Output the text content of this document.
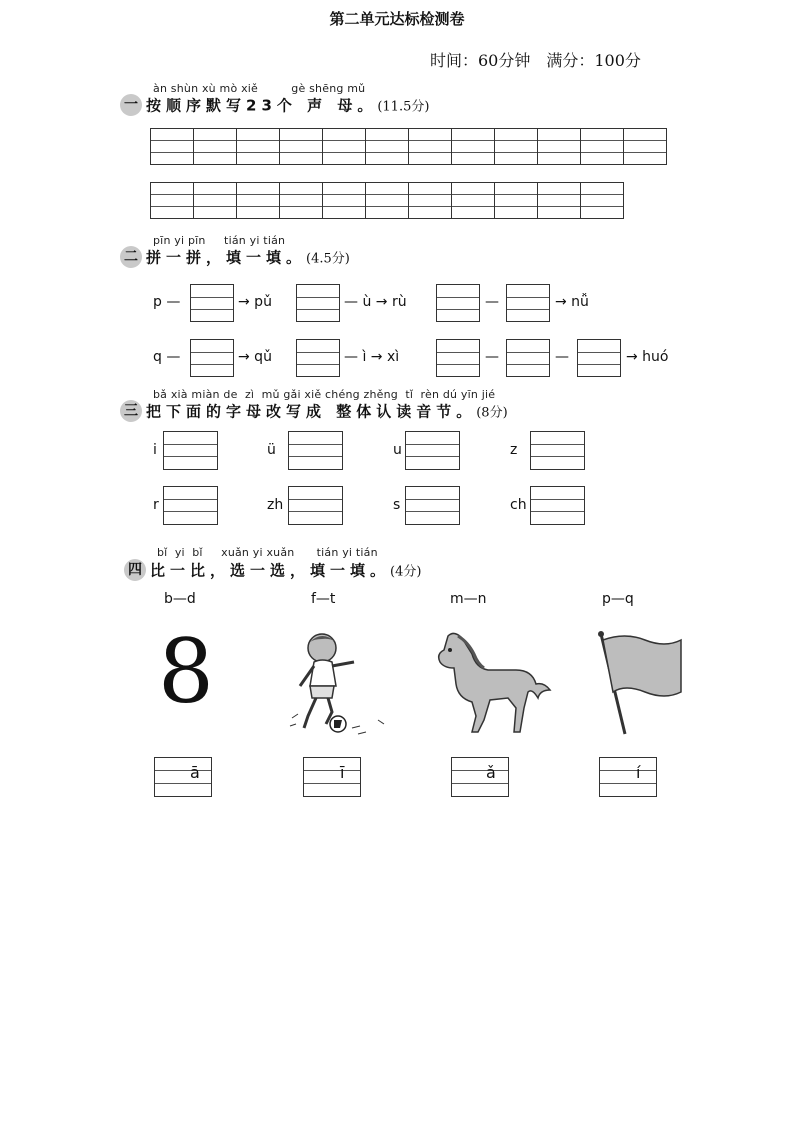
第二单元达标检测卷
时间：60分钟 满分：100分
àn shùn xù mò xiě         gè shēng mǔ
一 按顺序默写23个 声 母。(11.5分)

pīn yi pīn     tián yi tián
二 拼一拼，填一填。(4.5分)
p —	→ pǔ	— ù → rù	—	→ nǚ
q —	→ qǔ	— ì → xì	—	—	→ huó
bǎ xià miàn de  zì  mǔ gǎi xiě chéng zhěng  tǐ  rèn dú yīn jié
三 把下面的字母改写成 整体认读音节。(8分)
i	ü	u	z
r	zh	s	ch
bǐ  yi  bǐ     xuǎn yi xuǎn      tián yi tián
四 比一比，选一选，填一填。(4分)
b—d	f—t	m—n	p—q
8
ā	ī	ǎ	í
